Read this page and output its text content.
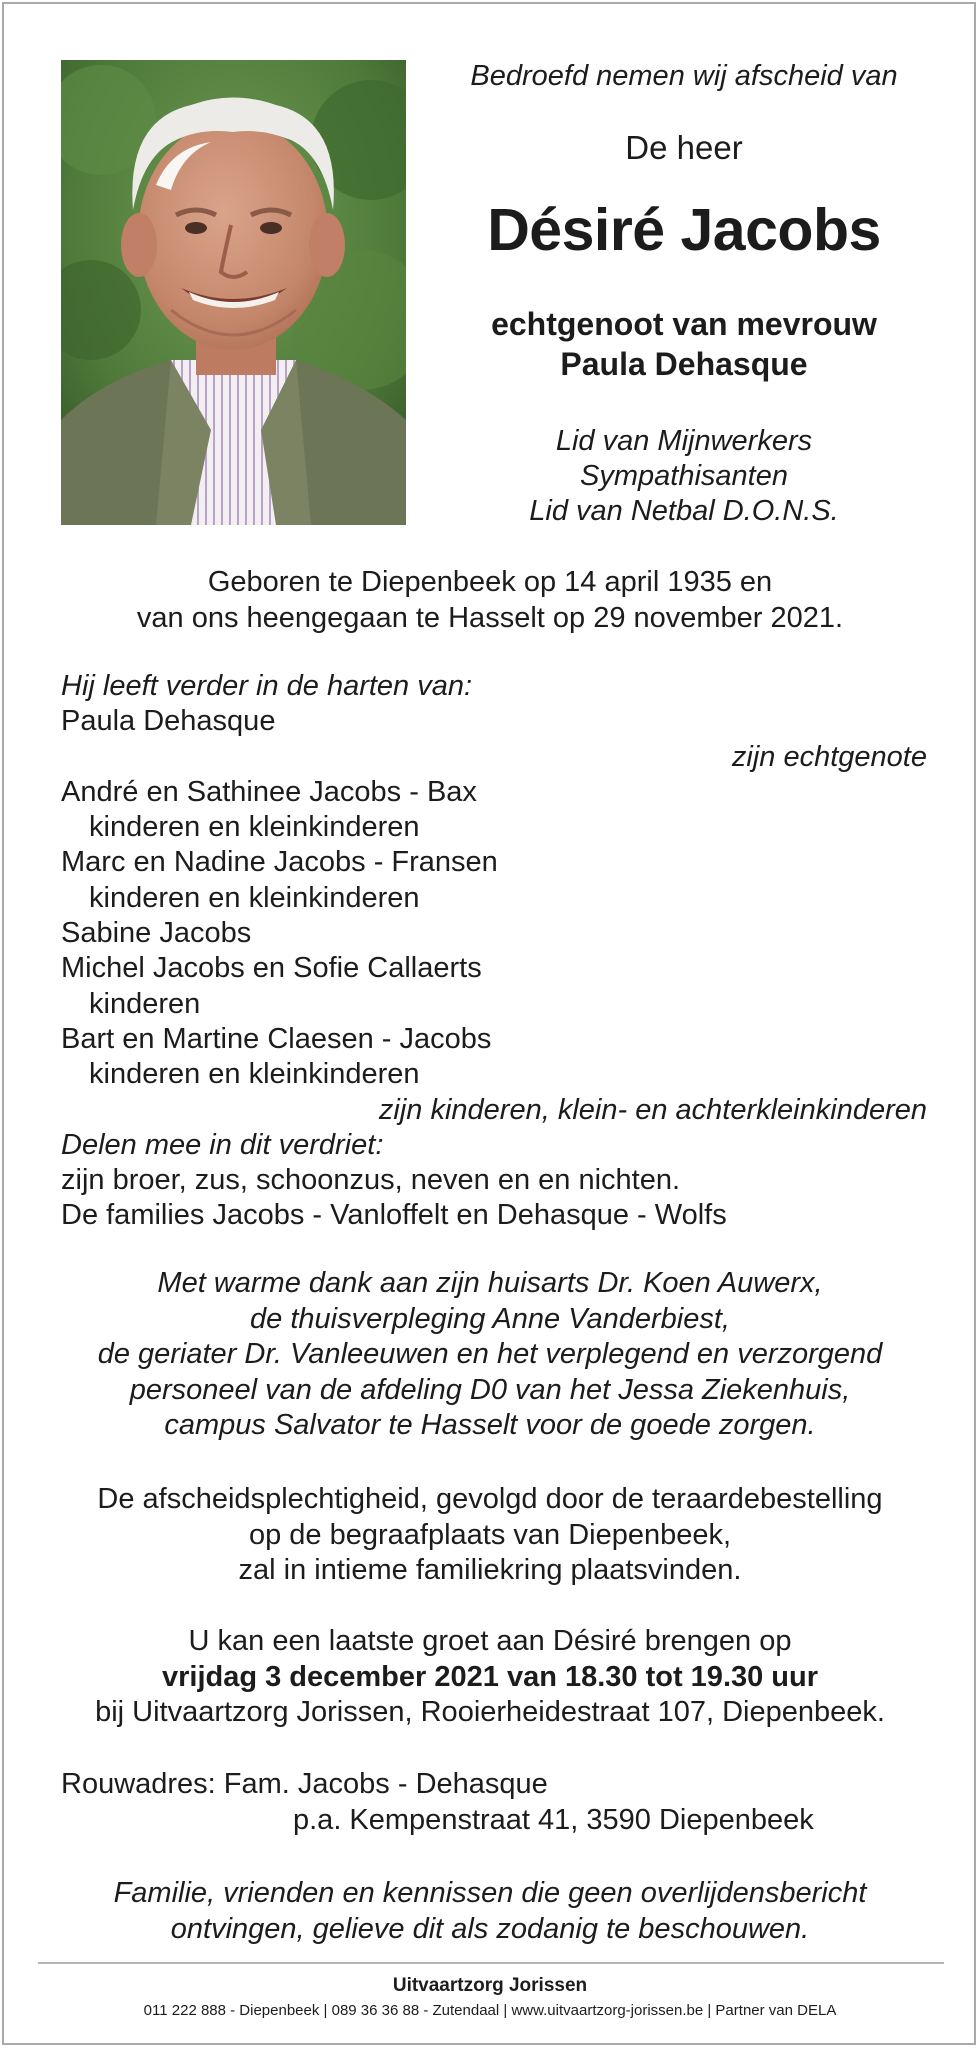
Bedroefd nemen wij afscheid van
De heer
Désiré Jacobs
echtgenoot van mevrouw
Paula Dehasque
Lid van Mijnwerkers
Sympathisanten
Lid van Netbal D.O.N.S.
Geboren te Diepenbeek op 14 april 1935 en
van ons heengegaan te Hasselt op 29 november 2021.
Hij leeft verder in de harten van:
Paula Dehasque
zijn echtgenote
André en Sathinee Jacobs - Bax
kinderen en kleinkinderen
Marc en Nadine Jacobs - Fransen
kinderen en kleinkinderen
Sabine Jacobs
Michel Jacobs en Sofie Callaerts
kinderen
Bart en Martine Claesen - Jacobs
kinderen en kleinkinderen
zijn kinderen, klein- en achterkleinkinderen
Delen mee in dit verdriet:
zijn broer, zus, schoonzus, neven en en nichten.
De families Jacobs - Vanloffelt en Dehasque - Wolfs
Met warme dank aan zijn huisarts Dr. Koen Auwerx,
de thuisverpleging Anne Vanderbiest,
de geriater Dr. Vanleeuwen en het verplegend en verzorgend
personeel van de afdeling D0 van het Jessa Ziekenhuis,
campus Salvator te Hasselt voor de goede zorgen.
De afscheidsplechtigheid, gevolgd door de teraardebestelling
op de begraafplaats van Diepenbeek,
zal in intieme familiekring plaatsvinden.
U kan een laatste groet aan Désiré brengen op
vrijdag 3 december 2021 van 18.30 tot 19.30 uur
bij Uitvaartzorg Jorissen, Rooierheidestraat 107, Diepenbeek.
Rouwadres: Fam. Jacobs - Dehasque
p.a. Kempenstraat 41, 3590 Diepenbeek
Familie, vrienden en kennissen die geen overlijdensbericht
ontvingen, gelieve dit als zodanig te beschouwen.
Uitvaartzorg Jorissen
011 222 888 - Diepenbeek | 089 36 36 88 - Zutendaal | www.uitvaartzorg-jorissen.be | Partner van DELA
